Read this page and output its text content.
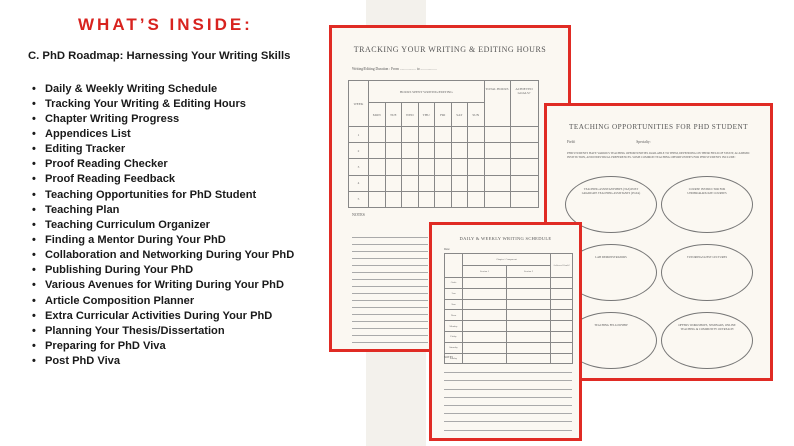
WHAT’S INSIDE:
C. PhD Roadmap: Harnessing Your Writing Skills
• Daily & Weekly Writing Schedule
• Tracking Your Writing & Editing Hours
• Chapter Writing Progress
• Appendices List
• Editing Tracker
• Proof Reading Checker
• Proof Reading Feedback
• Teaching Opportunities for PhD Student
• Teaching Plan
• Teaching Curriculum Organizer
• Finding a Mentor During Your PhD
• Collaboration and Networking During Your PhD
• Publishing During Your PhD
• Various Avenues for Writing During Your PhD
• Article Composition Planner
• Extra Curricular Activities During Your PhD
• Planning Your Thesis/Dissertation
• Preparing for PhD Viva
• Post PhD Viva
TRACKING YOUR WRITING & EDITING HOURS
Writing/Editing Duration : From .................. to ..................
WEEK	HOURS SPENT WRITING/EDITING							TOTAL HOURS	ACHIEVED GOALS?
	MON	TUE	WED	THU	FRI	SAT	SUN		
1									
2									
3									
4									
5									
NOTES
TEACHING OPPORTUNITIES FOR PHD STUDENT
Field:	Specialty:
PHD STUDENTS HAVE VARIOUS TEACHING OPPORTUNITIES AVAILABLE TO THEM, DEPENDING ON THEIR FIELD OF STUDY, ACADEMIC INSTITUTION, AND INDIVIDUAL PREFERENCES. SOME COMMON TEACHING OPPORTUNITIES FOR PHD STUDENTS INCLUDE:
TEACHING ASSISTANTSHIPS (TAS)/POST GRADUATE TEACHING ASSISTANTS (PGTA)
COURSE INSTRUCTOR FOR UNDERGRADUATE COURSES
LAB DEMONSTRATORS	TUTORING/GUEST LECTURES
TEACHING FELLOWSHIP	OFFERS WORKSHOPS, SEMINARS, ONLINE TEACHING & COMMUNITY OUTREACH
DAILY & WEEKLY WRITING SCHEDULE
Date:
	Chapter / Component		Achieved Goals?
	Session 1	Session 2	
Goals			
7am			
9am			
Noon			
Monday			
Friday			
Saturday			
Sunday			
NOTES
